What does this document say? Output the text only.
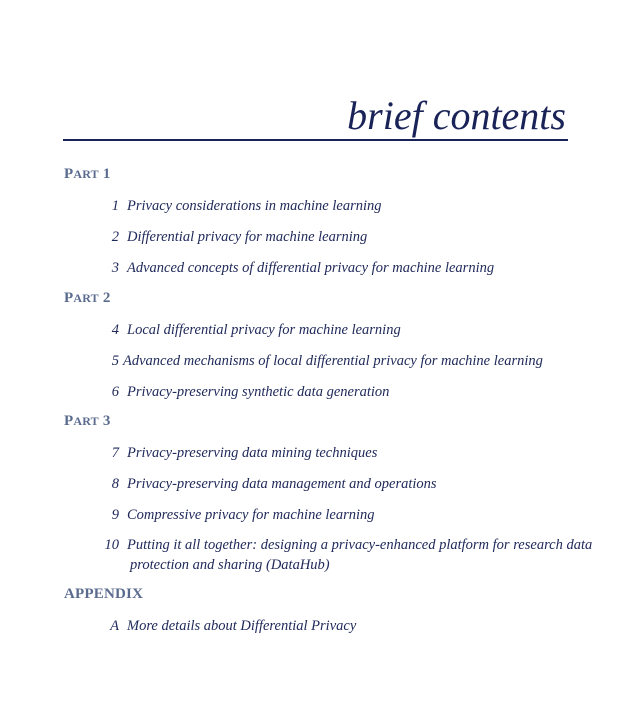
brief contents
PART 1
1 Privacy considerations in machine learning
2 Differential privacy for machine learning
3 Advanced concepts of differential privacy for machine learning
PART 2
4 Local differential privacy for machine learning
5 Advanced mechanisms of local differential privacy for machine learning
6 Privacy-preserving synthetic data generation
PART 3
7 Privacy-preserving data mining techniques
8 Privacy-preserving data management and operations
9 Compressive privacy for machine learning
10 Putting it all together: designing a privacy-enhanced platform for research data
protection and sharing (DataHub)
APPENDIX
A More details about Differential Privacy
